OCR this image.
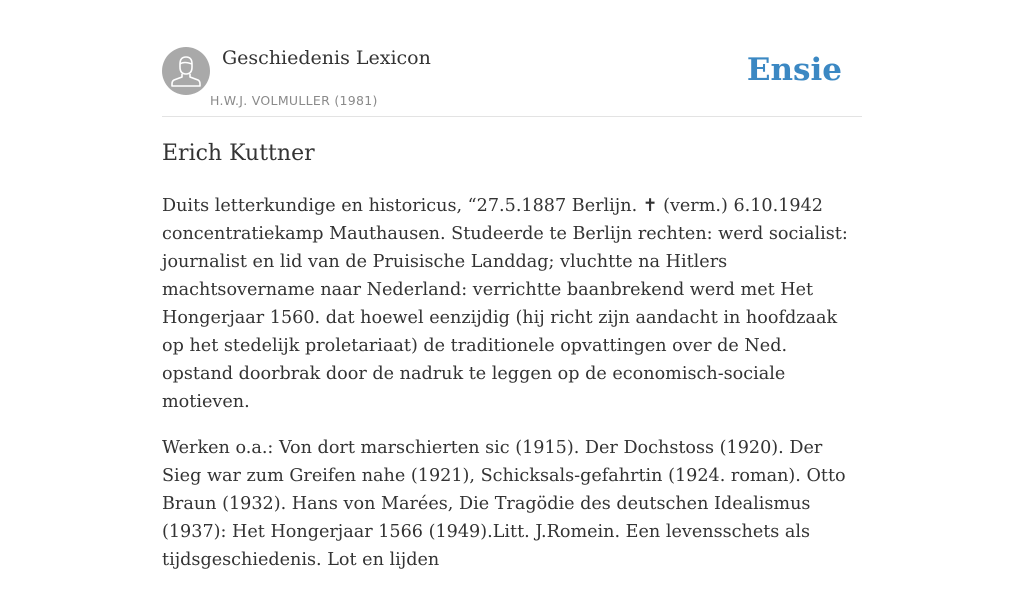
Geschiedenis Lexicon
H.W.J. VOLMULLER (1981)
Ensie
Erich Kuttner

Duits letterkundige en historicus, “27.5.1887 Berlijn. ✝ (verm.) 6.10.1942 concentratiekamp Mauthausen. Studeerde te Berlijn rechten: werd socialist: journalist en lid van de Pruisische Landdag; vluchtte na Hitlers machtsovername naar Nederland: verrichtte baanbrekend werd met Het Hongerjaar 1560. dat hoewel eenzijdig (hij richt zijn aandacht in hoofdzaak op het stedelijk proletariaat) de traditionele opvattingen over de Ned. opstand doorbrak door de nadruk te leggen op de economisch-sociale motieven.

Werken o.a.: Von dort marschierten sic (1915). Der Dochstoss (1920). Der Sieg war zum Greifen nahe (1921), Schicksals-gefahrtin (1924. roman). Otto Braun (1932). Hans von Marées, Die Tragödie des deutschen Idealismus (1937): Het Hongerjaar 1566 (1949).Litt. J.Romein. Een levensschets als tijdsgeschiedenis. Lot en lijden
